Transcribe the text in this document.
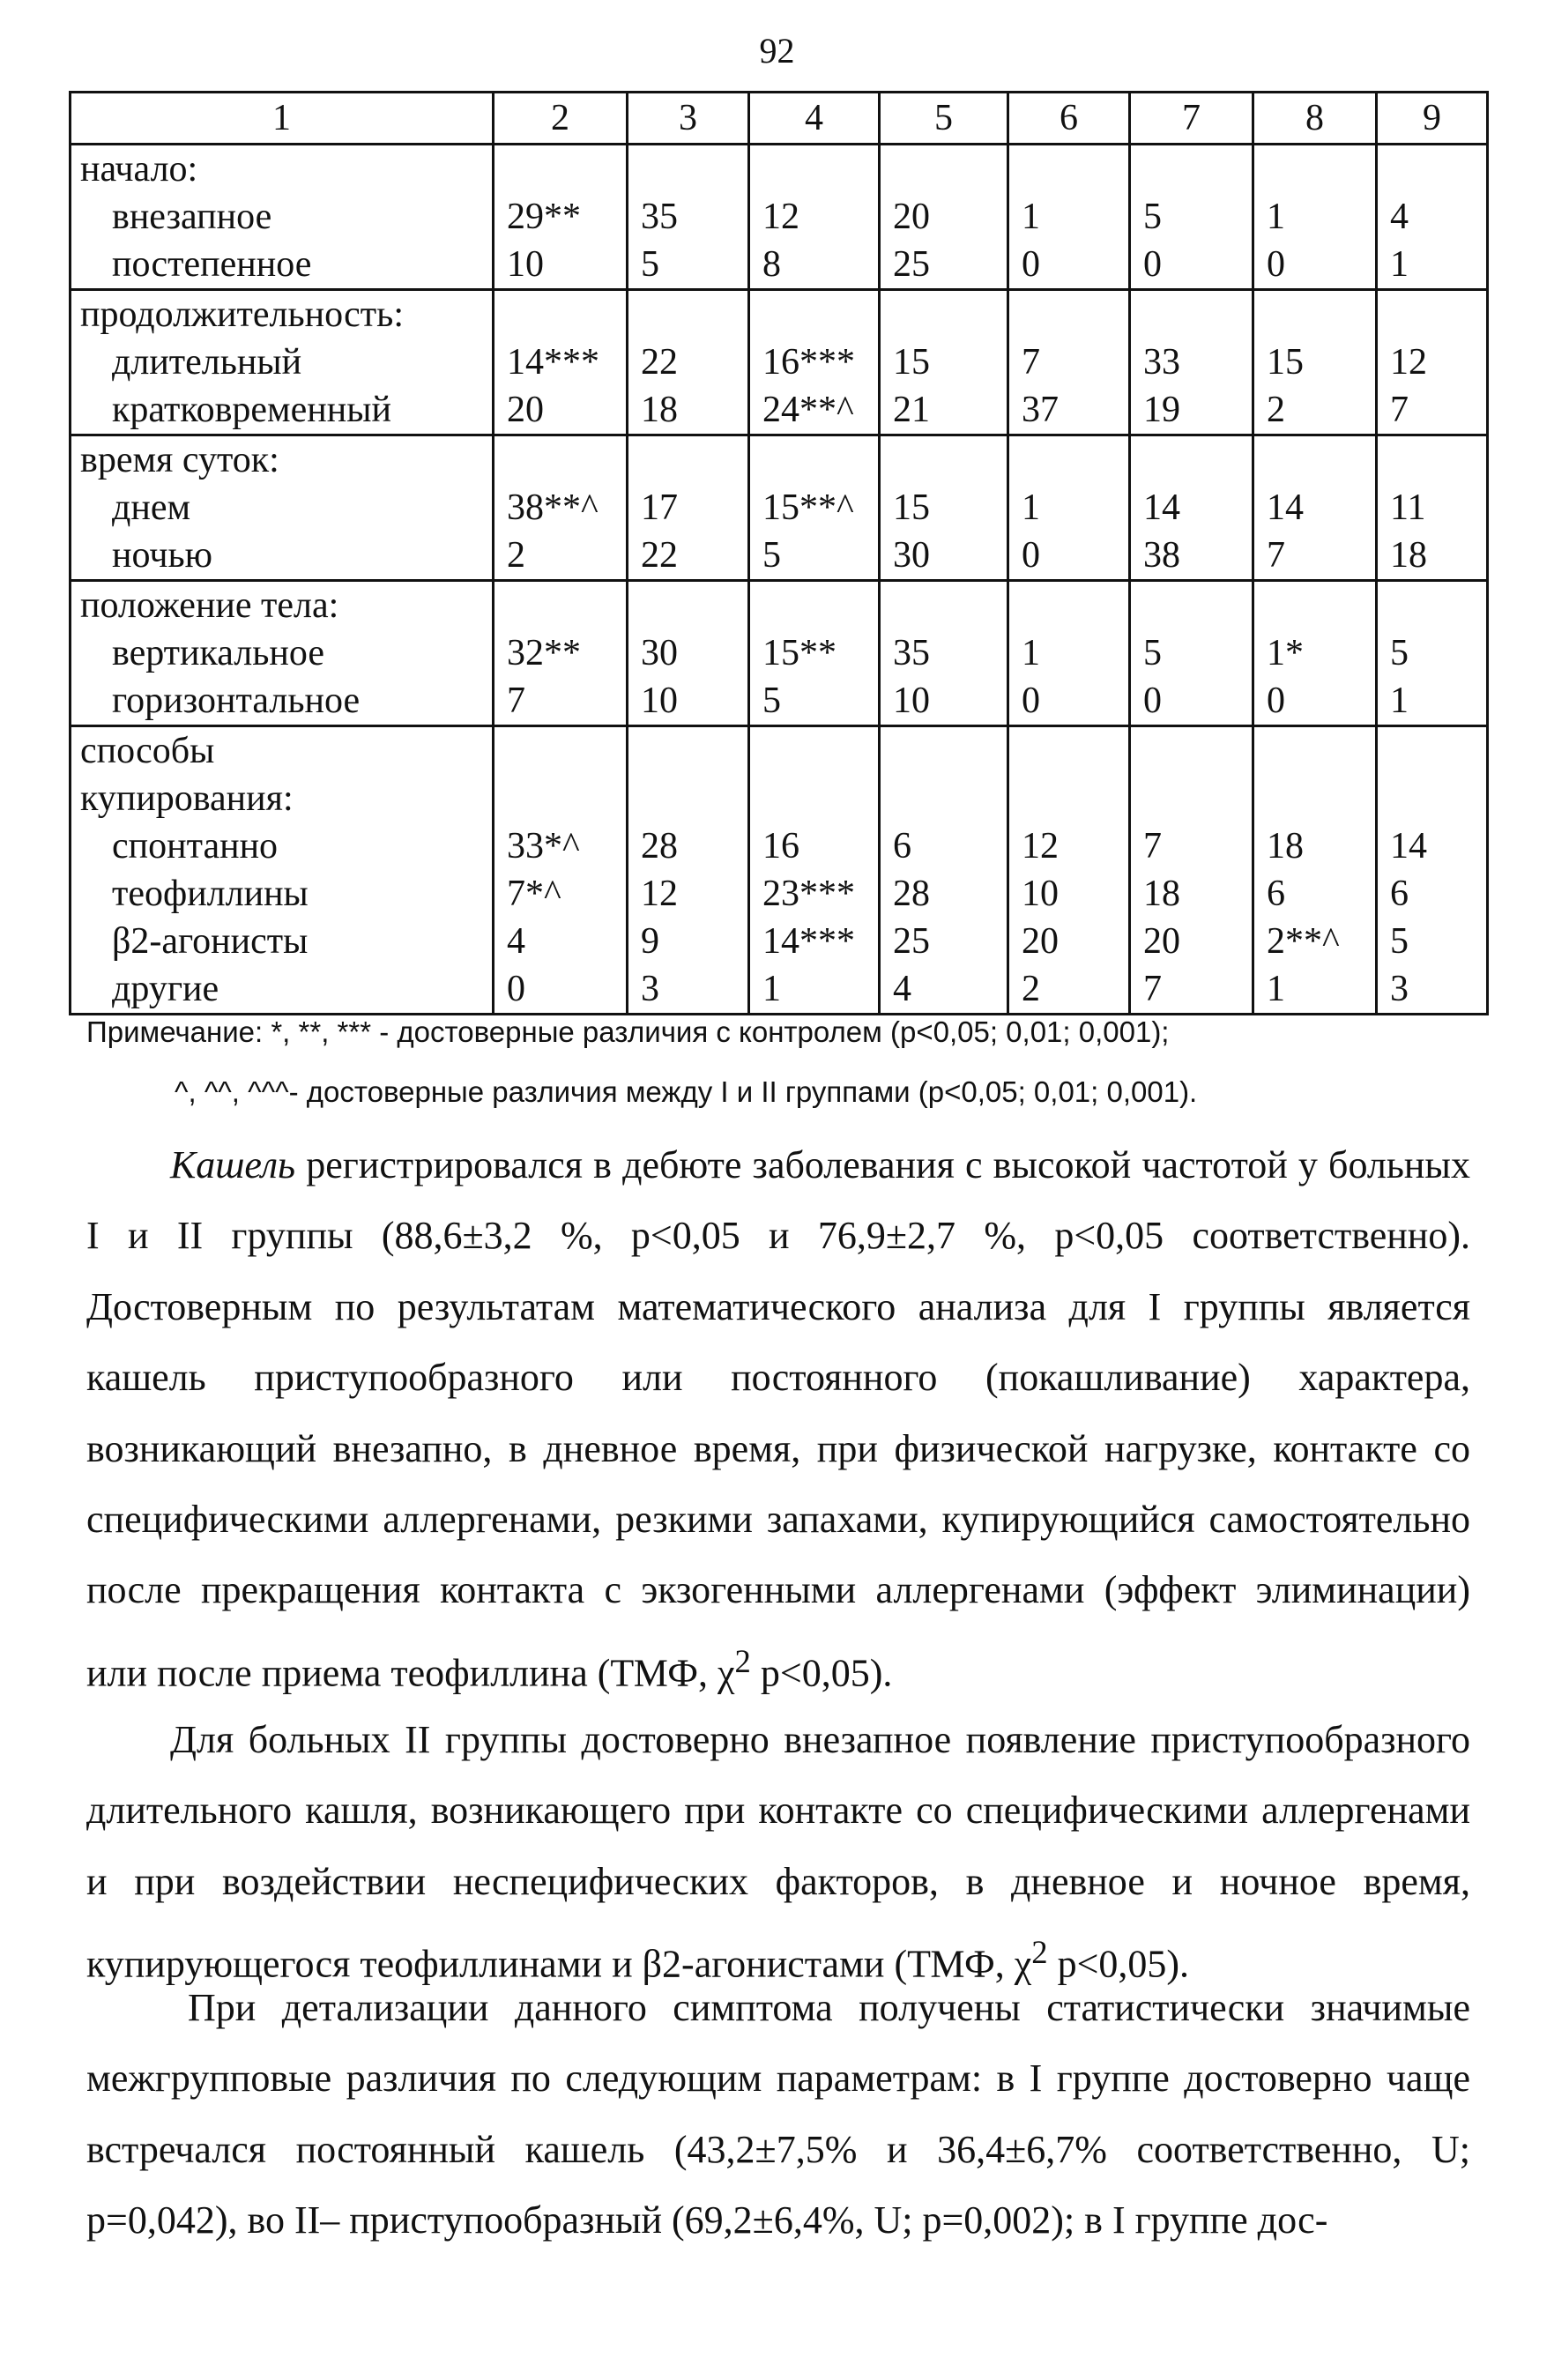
92
1	2	3	4	5	6	7	8	9
начало:								
внезапное	29**	35	12	20	1	5	1	4
постепенное	10	5	8	25	0	0	0	1
продолжительность:								
длительный	14***	22	16***	15	7	33	15	12
кратковременный	20	18	24**^	21	37	19	2	7
время суток:								
днем	38**^	17	15**^	15	1	14	14	11
ночью	2	22	5	30	0	38	7	18
положение тела:								
вертикальное	32**	30	15**	35	1	5	1*	5
горизонтальное	7	10	5	10	0	0	0	1
способы								
купирования:								
спонтанно	33*^	28	16	6	12	7	18	14
теофиллины	7*^	12	23***	28	10	18	6	6
β2-агонисты	4	9	14***	25	20	20	2**^	5
другие	0	3	1	4	2	7	1	3
Примечание: *, **, *** - достоверные различия с контролем (p<0,05; 0,01; 0,001);
^, ^^, ^^^- достоверные различия между I и II группами (p<0,05; 0,01; 0,001).

Кашель регистрировался в дебюте заболевания с высокой частотой у больных I и II группы (88,6±3,2 %, p<0,05 и 76,9±2,7 %, p<0,05 соответственно). Достоверным по результатам математического анализа для I группы является кашель приступообразного или постоянного (покашливание) характера, возникающий внезапно, в дневное время, при физической нагрузке, контакте со специфическими аллергенами, резкими запахами, купирующийся самостоятельно после прекращения контакта с экзогенными аллергенами (эффект элиминации) или после приема теофиллина (ТМФ, $\chi^2$ p<0,05).

Для больных II группы достоверно внезапное появление приступообразного длительного кашля, возникающего при контакте со специфическими аллергенами и при воздействии неспецифических факторов, в дневное и ночное время, купирующегося теофиллинами и β2-агонистами (ТМФ, $\chi^2$ p<0,05).

При детализации данного симптома получены статистически значимые межгрупповые различия по следующим параметрам: в I группе достоверно чаще встречался постоянный кашель (43,2±7,5% и 36,4±6,7% соответственно, U; p=0,042), во II– приступообразный (69,2±6,4%, U; p=0,002); в I группе дос-
